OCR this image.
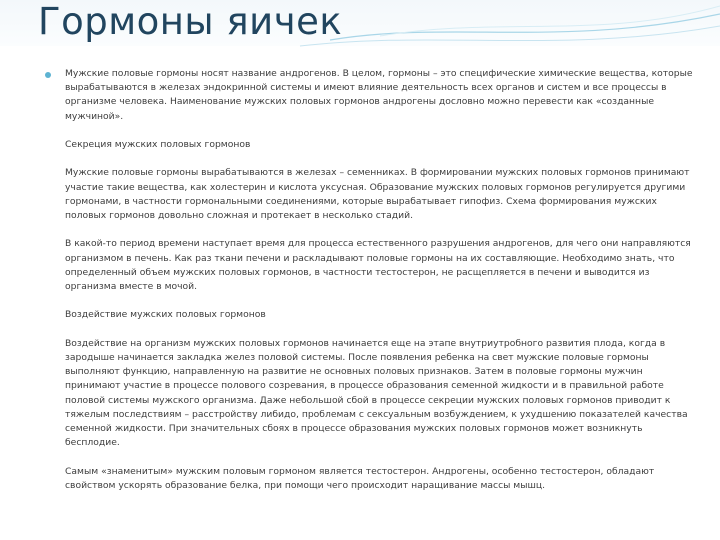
Гормоны яичек

Мужские половые гормоны носят название андрогенов. В целом, гормоны – это специфические химические вещества, которые вырабатываются в железах эндокринной системы и имеют влияние деятельность всех органов и систем и все процессы в организме человека. Наименование мужских половых гормонов андрогены дословно можно перевести как «созданные мужчиной».

Секреция мужских половых гормонов

Мужские половые гормоны вырабатываются в железах – семенниках. В формировании мужских половых гормонов принимают участие такие вещества, как холестерин и кислота уксусная. Образование мужских половых гормонов регулируется другими гормонами, в частности гормональными соединениями, которые вырабатывает гипофиз. Схема формирования мужских половых гормонов довольно сложная и протекает в несколько стадий.

В какой-то период времени наступает время для процесса естественного разрушения андрогенов, для чего они направляются организмом в печень. Как раз ткани печени и раскладывают половые гормоны на их составляющие. Необходимо знать, что определенный объем мужских половых гормонов, в частности тестостерон, не расщепляется в печени и выводится из организма вместе в мочой.

Воздействие мужских половых гормонов

Воздействие на организм мужских половых гормонов начинается еще на этапе внутриутробного развития плода, когда в зародыше начинается закладка желез половой системы. После появления ребенка на свет мужские половые гормоны выполняют функцию, направленную на развитие не основных половых признаков. Затем в половые гормоны мужчин принимают участие в процессе полового созревания, в процессе образования семенной жидкости и в правильной работе половой системы мужского организма. Даже небольшой сбой в процессе секреции мужских половых гормонов приводит к тяжелым последствиям – расстройству либидо, проблемам с сексуальным возбуждением, к ухудшению показателей качества семенной жидкости. При значительных сбоях в процессе образования мужских половых гормонов может возникнуть бесплодие.

Самым «знаменитым» мужским половым гормоном является тестостерон. Андрогены, особенно тестостерон, обладают свойством ускорять образование белка, при помощи чего происходит наращивание массы мышц.
